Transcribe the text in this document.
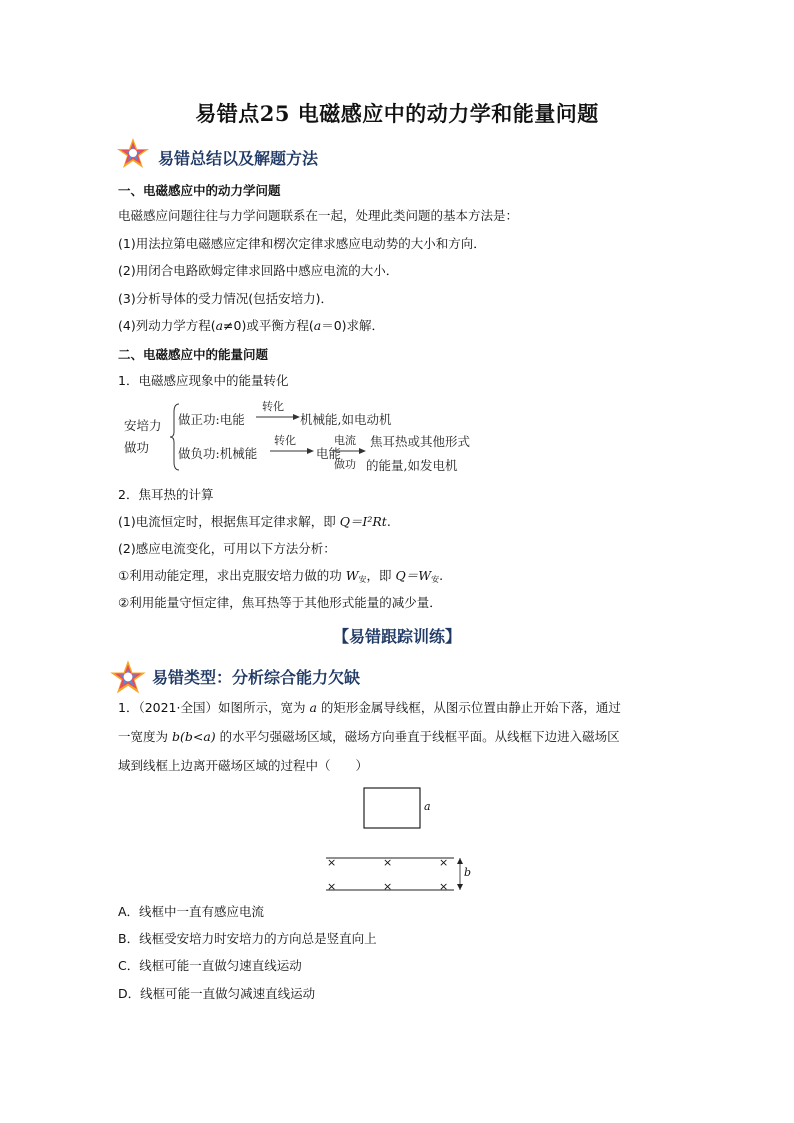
易错点25 电磁感应中的动力学和能量问题
易错总结以及解题方法
一、电磁感应中的动力学问题
电磁感应问题往往与力学问题联系在一起，处理此类问题的基本方法是：
(1)用法拉第电磁感应定律和楞次定律求感应电动势的大小和方向．
(2)用闭合电路欧姆定律求回路中感应电流的大小．
(3)分析导体的受力情况(包括安培力)．
(4)列动力学方程(a≠0)或平衡方程(a＝0)求解．
二、电磁感应中的能量问题
1．电磁感应现象中的能量转化
安培力
做功
做正功:电能
转化
机械能,如电动机
做负功:机械能
转化
电能
电流
做功
焦耳热或其他形式
的能量,如发电机
2．焦耳热的计算
(1)电流恒定时，根据焦耳定律求解，即 Q＝I²Rt.
(2)感应电流变化，可用以下方法分析：
①利用动能定理，求出克服安培力做的功 $W_安$，即 $Q=W_安$.
②利用能量守恒定律，焦耳热等于其他形式能量的减少量．
【易错跟踪训练】
易错类型：分析综合能力欠缺
1．（2021·全国）如图所示，宽为 a 的矩形金属导线框，从图示位置由静止开始下落，通过
一宽度为 b(b<a) 的水平匀强磁场区域，磁场方向垂直于线框平面。从线框下边进入磁场区
域到线框上边离开磁场区域的过程中（　　）
a
b
×	×	×
×	×	×
A．线框中一直有感应电流
B．线框受安培力时安培力的方向总是竖直向上
C．线框可能一直做匀速直线运动
D．线框可能一直做匀减速直线运动
